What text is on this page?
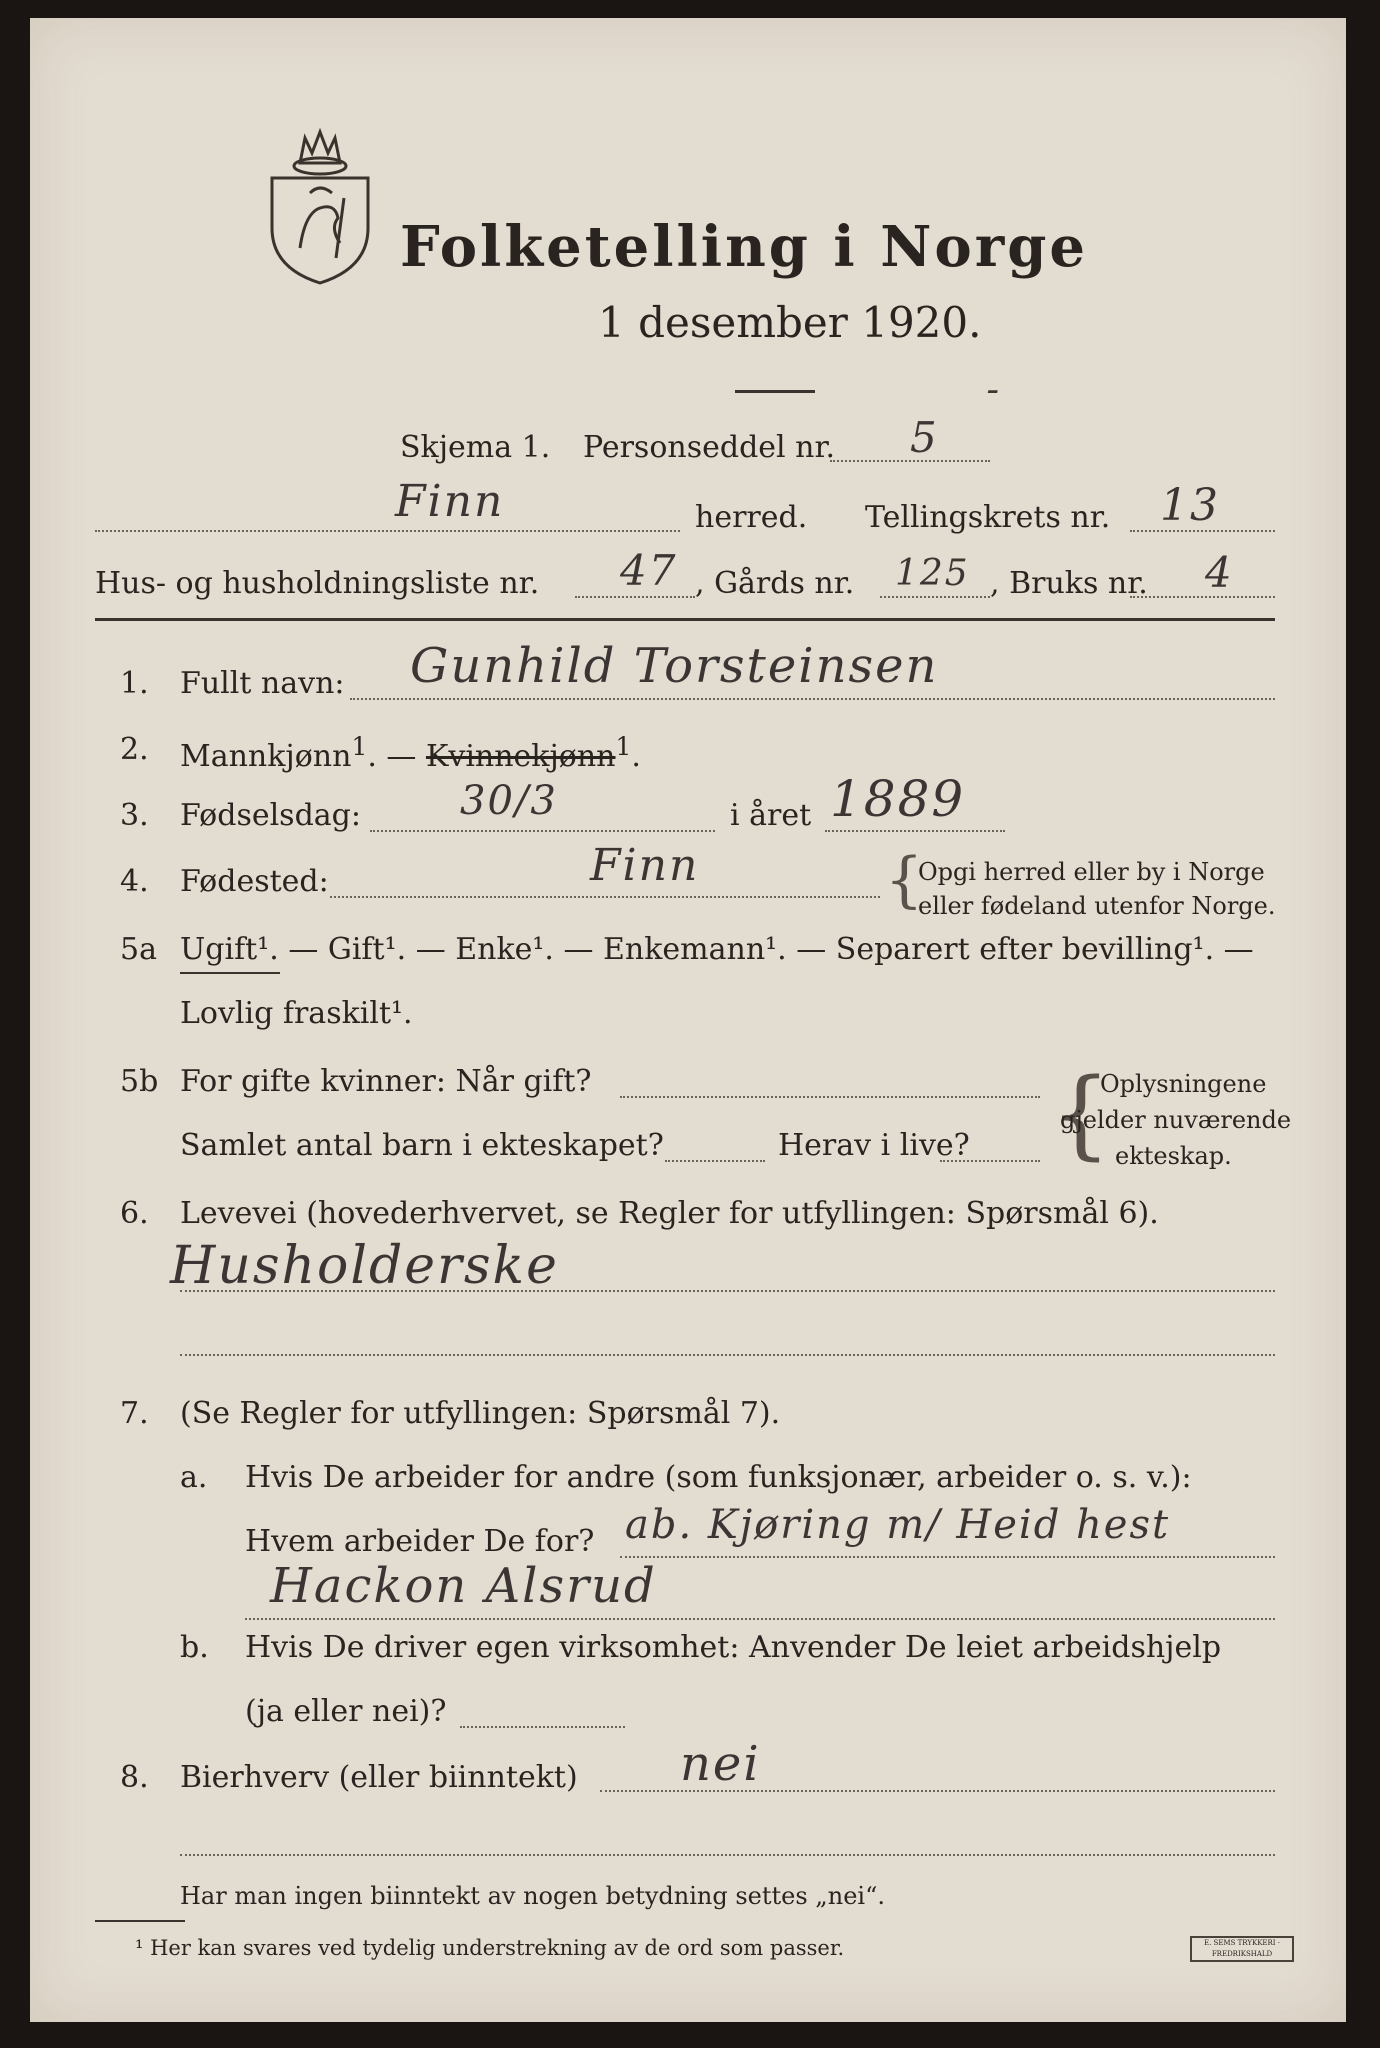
Folketelling i Norge
1 desember 1920.
ـ
Skjema 1. Personseddel nr. 5
Finn	herred. Tellingskrets nr. 13
Hus- og husholdningsliste nr. 47 , Gårds nr. 125 , Bruks nr. 4
1. Fullt navn: Gunhild Torsteinsen
2. Mannkjønn$^1$. — Kvinnekjønn$^1$.
3. Fødselsdag: 30/3	i året 1889
4. Fødested:	Finn	{
Opgi herred eller by i Norge
eller fødeland utenfor Norge.
5a Ugift¹. — Gift¹. — Enke¹. — Enkemann¹. — Separert efter bevilling¹. —
Lovlig fraskilt¹.
5b For gifte kvinner: Når gift?
Samlet antal barn i ekteskapet?	Herav i live? {
Oplysningene
gjelder nuværende
ekteskap.
6. Levevei (hovederhvervet, se Regler for utfyllingen: Spørsmål 6).
Husholderske
7. (Se Regler for utfyllingen: Spørsmål 7).
a. Hvis De arbeider for andre (som funksjonær, arbeider o. s. v.):
Hvem arbeider De for? ab. Kjøring m/ Heid hest
Hackon Alsrud
b. Hvis De driver egen virksomhet: Anvender De leiet arbeidshjelp
(ja eller nei)?
8. Bierhverv (eller biinntekt) nei
Har man ingen biinntekt av nogen betydning settes „nei“.
¹ Her kan svares ved tydelig understrekning av de ord som passer.	E. SEMS TRYKKERI · FREDRIKSHALD
